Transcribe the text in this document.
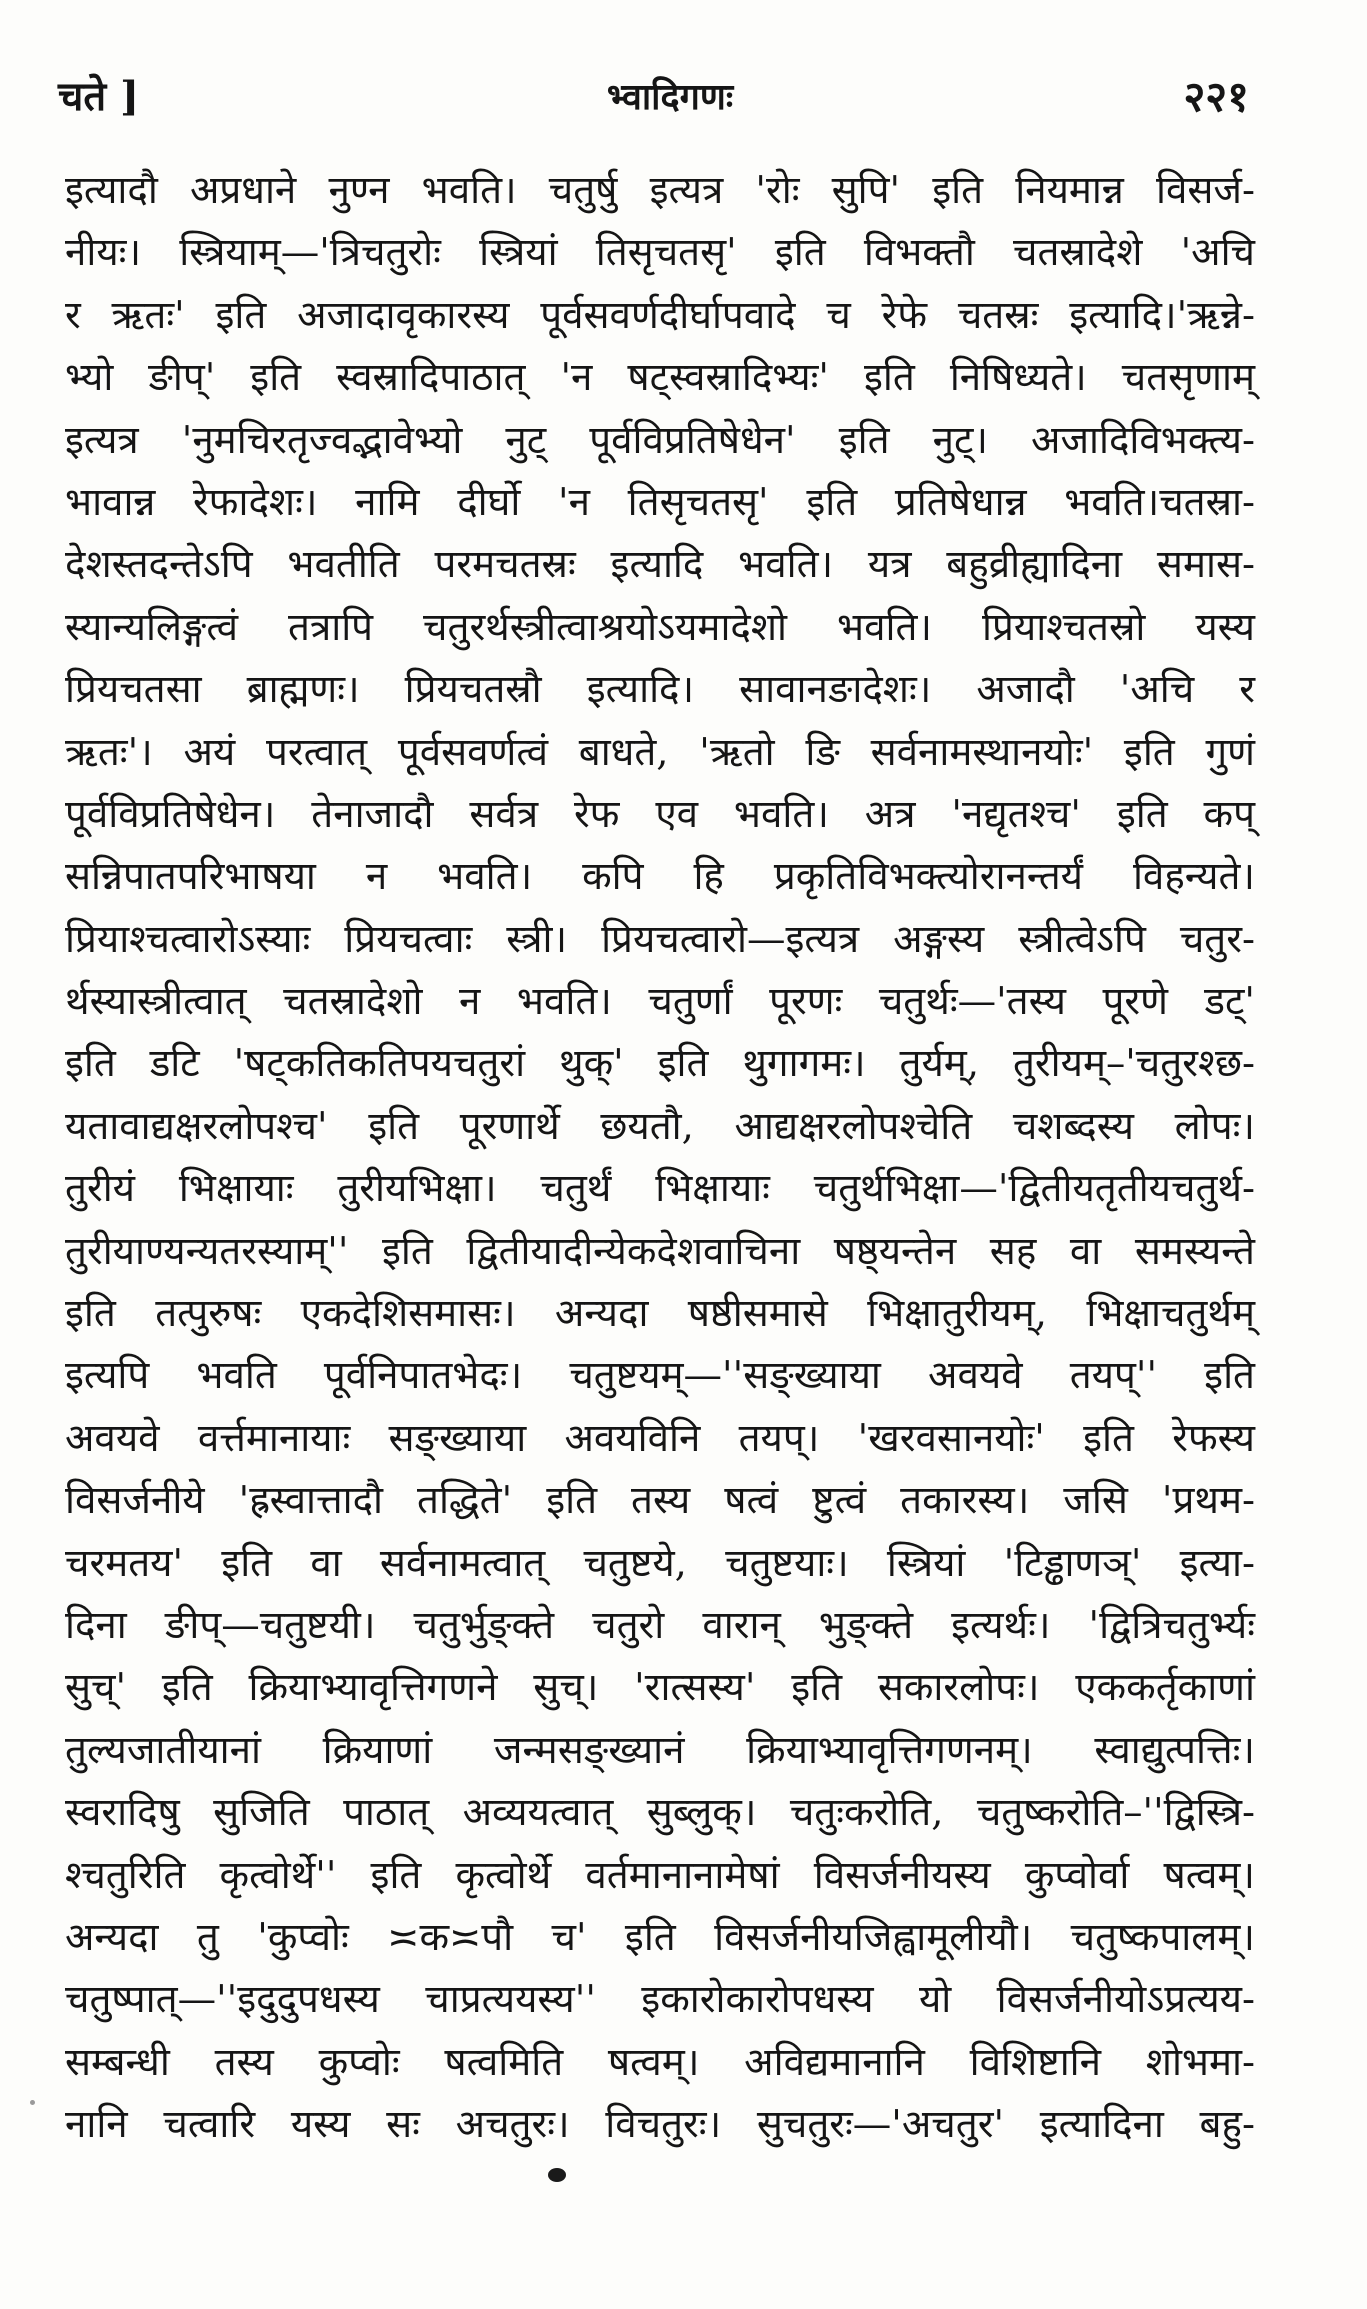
चते ]	भ्वादिगणः	२२१
इत्यादौ अप्रधाने नुण्न भवति। चतुर्षु इत्यत्र 'रोः सुपि' इति नियमान्न विसर्ज-
नीयः। स्त्रियाम्—'त्रिचतुरोः स्त्रियां तिसृचतसृ' इति विभक्तौ चतस्रादेशे 'अचि
र ऋतः' इति अजादावृकारस्य पूर्वसवर्णदीर्घापवादे च रेफे चतस्रः इत्यादि।'ऋन्ने-
भ्यो ङीप्' इति स्वस्रादिपाठात् 'न षट्स्वस्रादिभ्यः' इति निषिध्यते। चतसृणाम्
इत्यत्र 'नुमचिरतृज्वद्भावेभ्यो नुट् पूर्वविप्रतिषेधेन' इति नुट्। अजादिविभक्त्य-
भावान्न रेफादेशः। नामि दीर्घो 'न तिसृचतसृ' इति प्रतिषेधान्न भवति।चतस्रा-
देशस्तदन्तेऽपि भवतीति परमचतस्रः इत्यादि भवति। यत्र बहुव्रीह्यादिना समास-
स्यान्यलिङ्गत्वं तत्रापि चतुरर्थस्त्रीत्वाश्रयोऽयमादेशो भवति। प्रियाश्चतस्रो यस्य
प्रियचतसा ब्राह्मणः। प्रियचतस्रौ इत्यादि। सावानङादेशः। अजादौ 'अचि र
ऋतः'। अयं परत्वात् पूर्वसवर्णत्वं बाधते, 'ऋतो ङि सर्वनामस्थानयोः' इति गुणं
पूर्वविप्रतिषेधेन। तेनाजादौ सर्वत्र रेफ एव भवति। अत्र 'नद्यृतश्च' इति कप्
सन्निपातपरिभाषया न भवति। कपि हि प्रकृतिविभक्त्योरानन्तर्यं विहन्यते।
प्रियाश्चत्वारोऽस्याः प्रियचत्वाः स्त्री। प्रियचत्वारो—इत्यत्र अङ्गस्य स्त्रीत्वेऽपि चतुर-
र्थस्यास्त्रीत्वात् चतस्रादेशो न भवति। चतुर्णां पूरणः चतुर्थः—'तस्य पूरणे डट्'
इति डटि 'षट्कतिकतिपयचतुरां थुक्' इति थुगागमः। तुर्यम्, तुरीयम्–'चतुरश्छ-
यतावाद्यक्षरलोपश्च' इति पूरणार्थे छयतौ, आद्यक्षरलोपश्चेति चशब्दस्य लोपः।
तुरीयं भिक्षायाः तुरीयभिक्षा। चतुर्थं भिक्षायाः चतुर्थभिक्षा—'द्वितीयतृतीयचतुर्थ-
तुरीयाण्यन्यतरस्याम्'' इति द्वितीयादीन्येकदेशवाचिना षष्ठ्यन्तेन सह वा समस्यन्ते
इति तत्पुरुषः एकदेशिसमासः। अन्यदा षष्ठीसमासे भिक्षातुरीयम्, भिक्षाचतुर्थम्
इत्यपि भवति पूर्वनिपातभेदः। चतुष्टयम्—''सङ्ख्याया अवयवे तयप्'' इति
अवयवे वर्त्तमानायाः सङ्ख्याया अवयविनि तयप्। 'खरवसानयोः' इति रेफस्य
विसर्जनीये 'ह्रस्वात्तादौ तद्धिते' इति तस्य षत्वं ष्टुत्वं तकारस्य। जसि 'प्रथम-
चरमतय' इति वा सर्वनामत्वात् चतुष्टये, चतुष्टयाः। स्त्रियां 'टिड्ढाणञ्' इत्या-
दिना ङीप्—चतुष्टयी। चतुर्भुङ्क्ते चतुरो वारान् भुङ्क्ते इत्यर्थः। 'द्वित्रिचतुर्भ्यः
सुच्' इति क्रियाभ्यावृत्तिगणने सुच्। 'रात्सस्य' इति सकारलोपः। एककर्तृकाणां
तुल्यजातीयानां क्रियाणां जन्मसङ्ख्यानं क्रियाभ्यावृत्तिगणनम्। स्वाद्युत्पत्तिः।
स्वरादिषु सुजिति पाठात् अव्ययत्वात् सुब्लुक्। चतुःकरोति, चतुष्करोति–''द्विस्त्रि-
श्चतुरिति कृत्वोर्थे'' इति कृत्वोर्थे वर्तमानानामेषां विसर्जनीयस्य कुप्वोर्वा षत्वम्।
अन्यदा तु 'कुप्वोः ≍क≍पौ च' इति विसर्जनीयजिह्वामूलीयौ। चतुष्कपालम्।
चतुष्पात्—''इदुदुपधस्य चाप्रत्ययस्य'' इकारोकारोपधस्य यो विसर्जनीयोऽप्रत्यय-
सम्बन्धी तस्य कुप्वोः षत्वमिति षत्वम्। अविद्यमानानि विशिष्टानि शोभमा-
नानि चत्वारि यस्य सः अचतुरः। विचतुरः। सुचतुरः—'अचतुर' इत्यादिना बहु-
